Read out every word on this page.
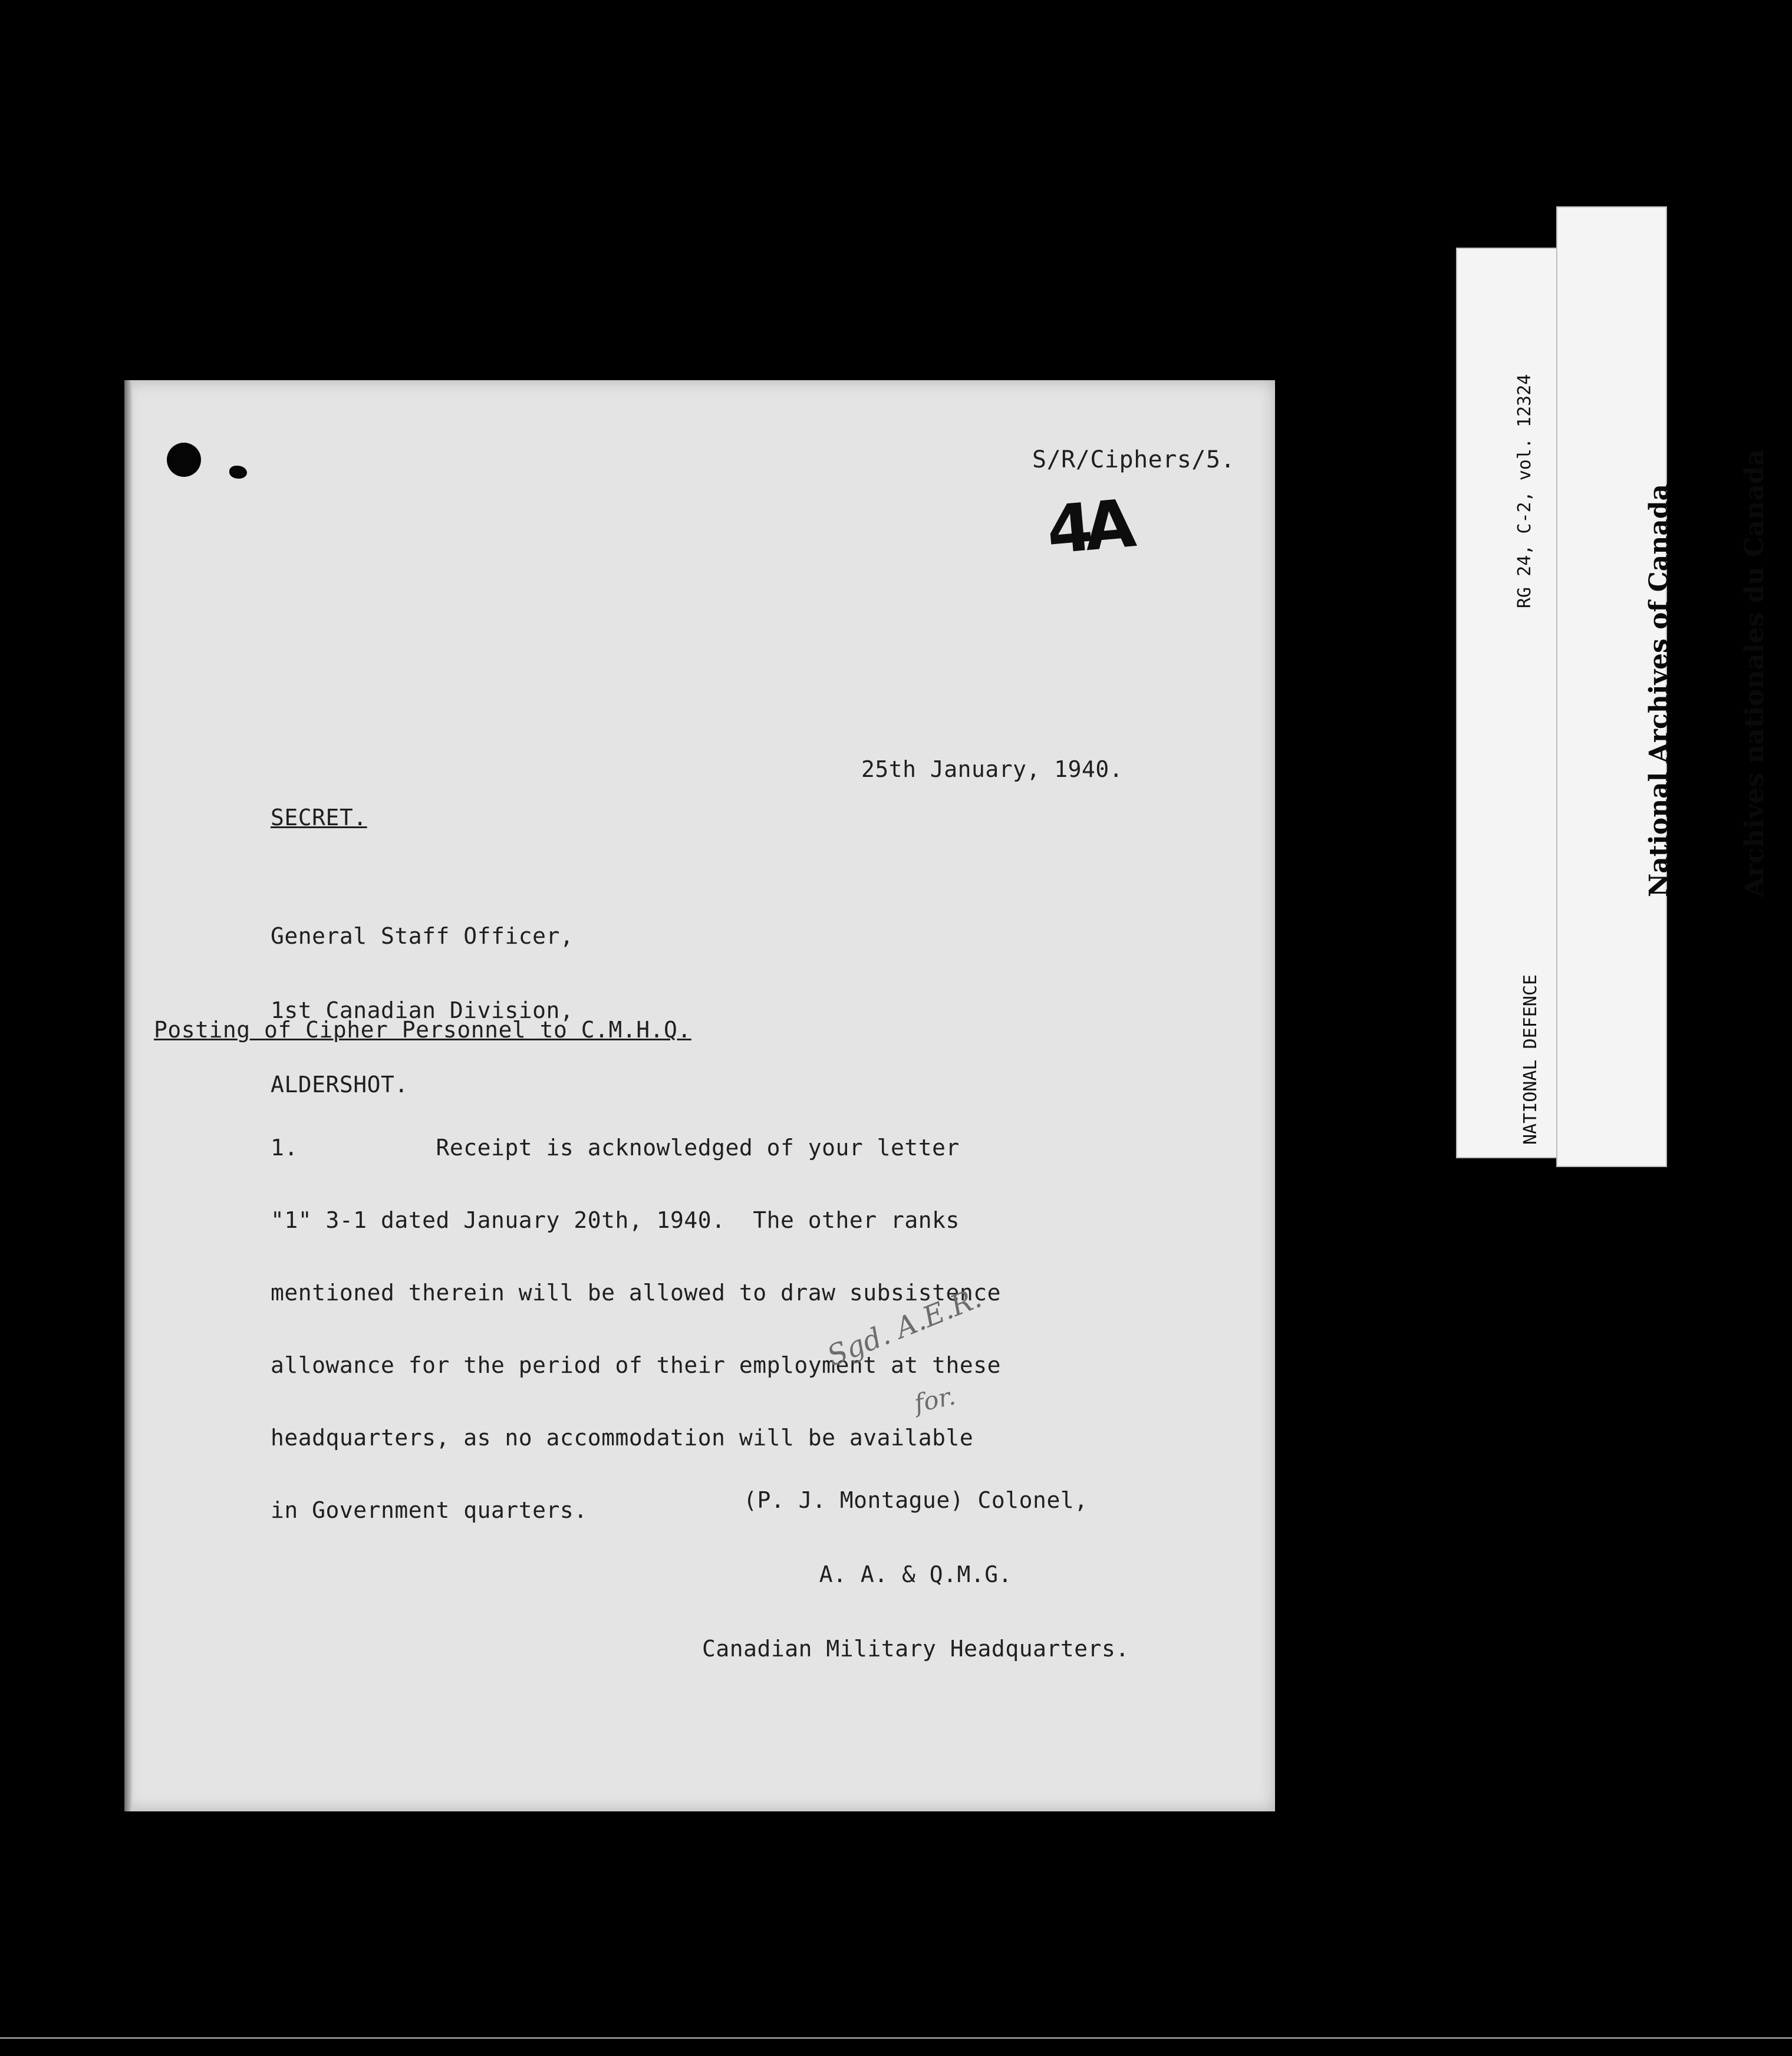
S/R/Ciphers/5.

4A

25th January, 1940.

SECRET.

General Staff Officer,

1st Canadian Division,

ALDERSHOT.

Posting of Cipher Personnel to C.M.H.Q.

1.          Receipt is acknowledged of your letter

"1" 3-1 dated January 20th, 1940.  The other ranks

mentioned therein will be allowed to draw subsistence

allowance for the period of their employment at these

headquarters, as no accommodation will be available

in Government quarters.

Sgd. A.E.R.
for.

(P. J. Montague) Colonel,

A. A. & Q.M.G.

Canadian Military Headquarters.

RG 24, C-2, vol. 12324

NATIONAL DEFENCE

National Archives of Canada

	Archives nationales du Canada
